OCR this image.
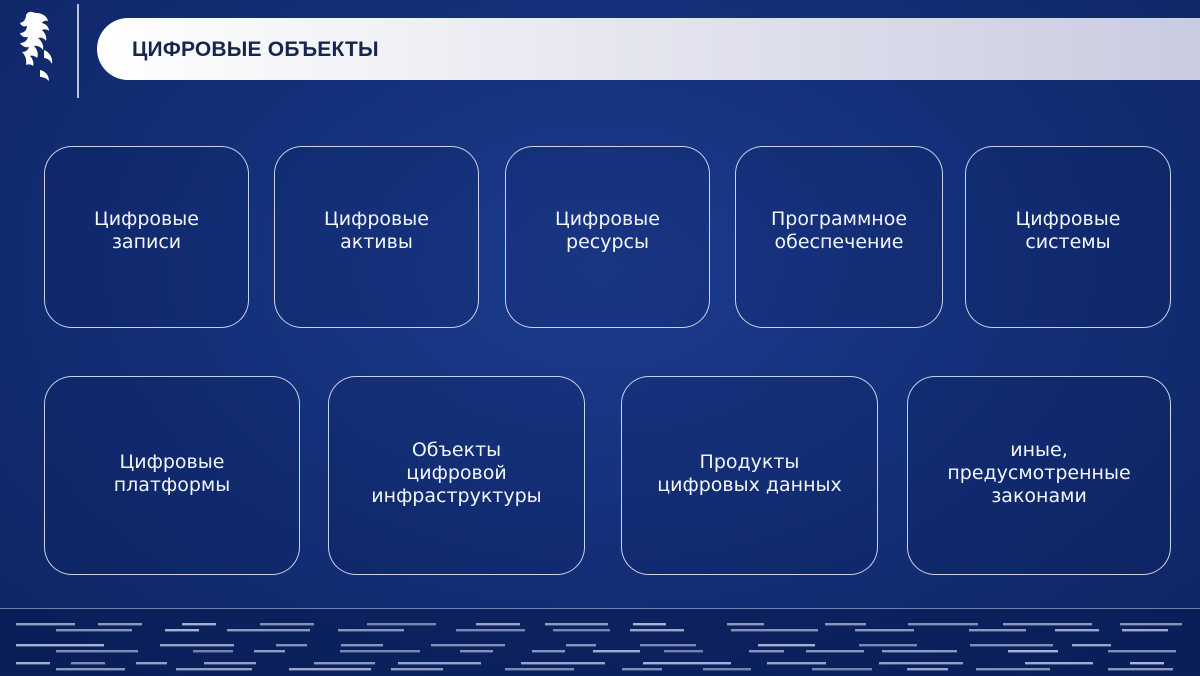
ЦИФРОВЫЕ ОБЪЕКТЫ
Цифровые
записи
Цифровые
активы
Цифровые
ресурсы
Программное
обеспечение
Цифровые
системы
Цифровые
платформы
Объекты
цифровой
инфраструктуры
Продукты
цифровых данных
иные,
предусмотренные
законами
